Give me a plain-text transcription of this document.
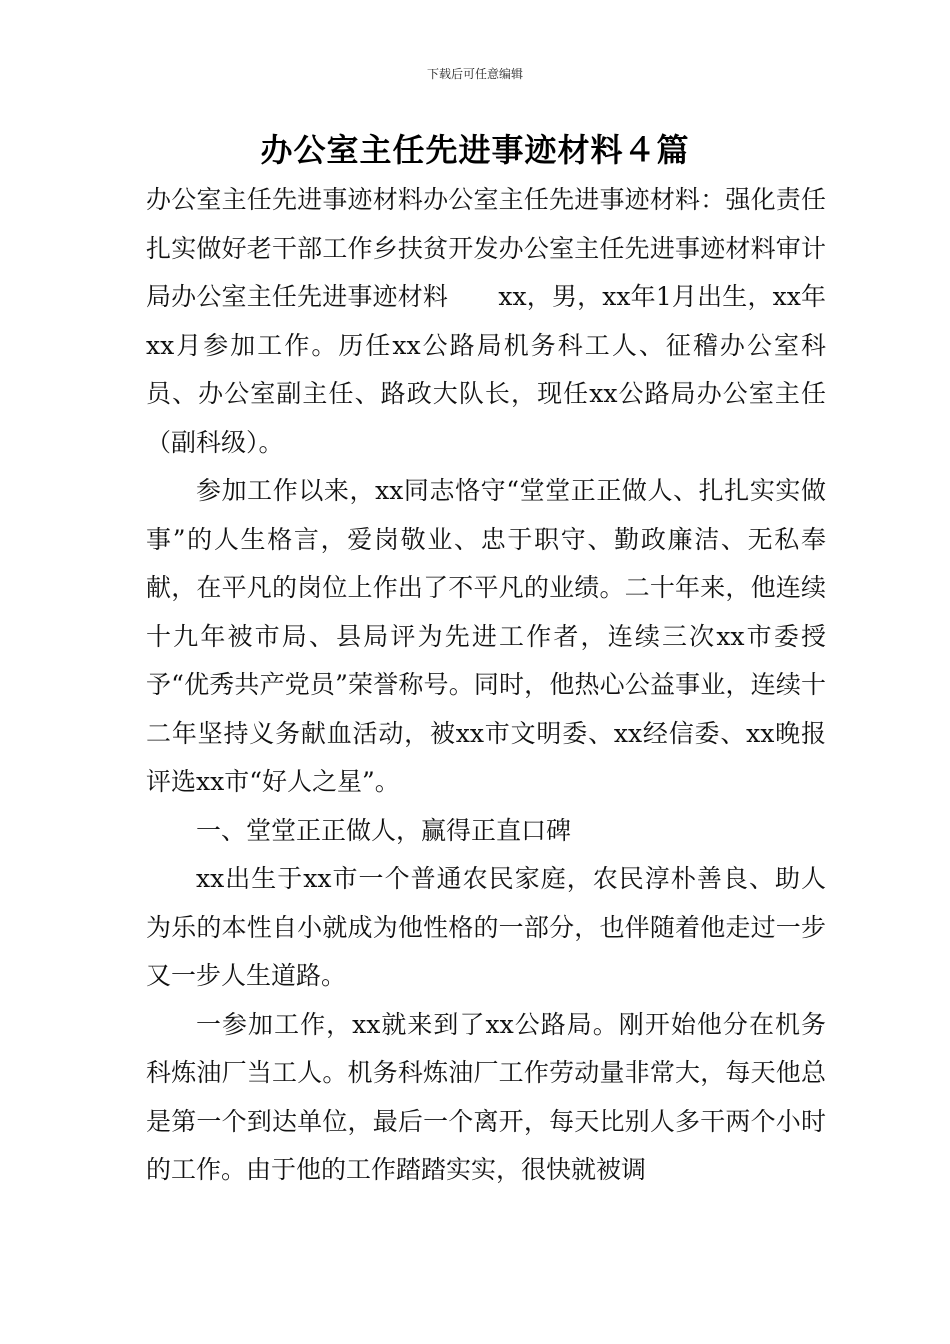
下载后可任意编辑
办公室主任先进事迹材料４篇

办公室主任先进事迹材料办公室主任先进事迹材料：强化责任扎实做好老干部工作乡扶贫开发办公室主任先进事迹材料审计局办公室主任先进事迹材料　　xx，男，xx年1月出生，xx年xx月参加工作。历任xx公路局机务科工人、征稽办公室科员、办公室副主任、路政大队长，现任xx公路局办公室主任（副科级）。

参加工作以来，xx同志恪守“堂堂正正做人、扎扎实实做事”的人生格言，爱岗敬业、忠于职守、勤政廉洁、无私奉献，在平凡的岗位上作出了不平凡的业绩。二十年来，他连续十九年被市局、县局评为先进工作者，连续三次xx市委授予“优秀共产党员”荣誉称号。同时，他热心公益事业，连续十二年坚持义务献血活动，被xx市文明委、xx经信委、xx晚报评选xx市“好人之星”。

一、堂堂正正做人，赢得正直口碑

xx出生于xx市一个普通农民家庭，农民淳朴善良、助人为乐的本性自小就成为他性格的一部分，也伴随着他走过一步又一步人生道路。

一参加工作，xx就来到了xx公路局。刚开始他分在机务科炼油厂当工人。机务科炼油厂工作劳动量非常大，每天他总是第一个到达单位，最后一个离开，每天比别人多干两个小时的工作。由于他的工作踏踏实实，很快就被调
